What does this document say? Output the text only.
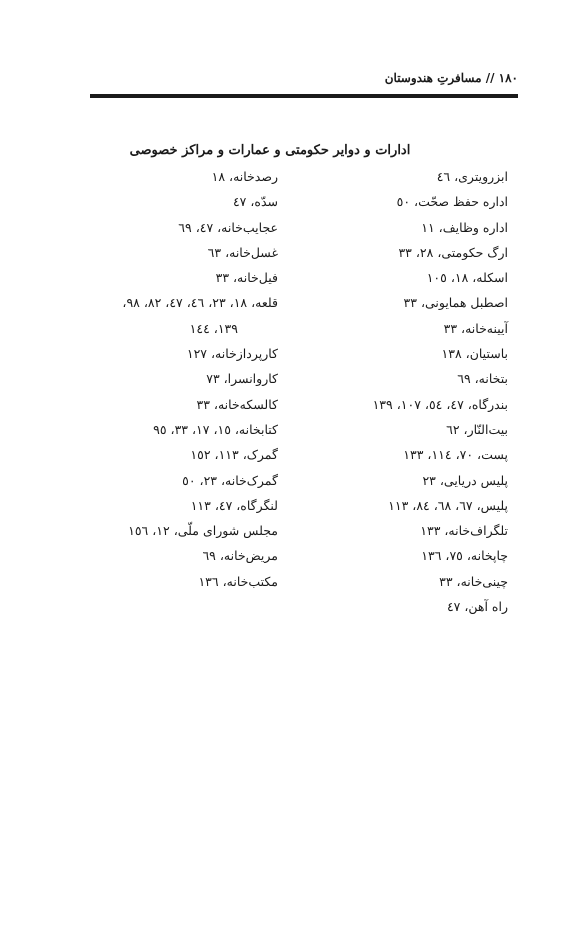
۱۸۰ // مسافرتِ هندوستان
ادارات و دوایر حکومتی و عمارات و مراکز خصوصی
ابزرویتری، ٤٦
اداره حفظ صحّت، ٥٠
اداره وظایف، ١١
ارگ حکومتی، ٢٨، ٣٣
اسکله، ١٨، ١٠٥
اصطبل همایونی، ٣٣
آیینه‌خانه، ٣٣
باستیان، ١٣٨
بتخانه، ٦٩
بندرگاه، ٤٧، ٥٤، ١٠٧، ١٣٩
بیت‌النّار، ٦٢
پست، ٧٠، ١١٤، ١٣٣
پلیس دریایی، ٢٣
پلیس، ٦٧، ٦٨، ٨٤، ١١٣
تلگراف‌خانه، ١٣٣
چاپخانه، ٧٥، ١٣٦
چینی‌خانه، ٣٣
راه آهن، ٤٧
رصدخانه، ١٨
سدّه، ٤٧
عجایب‌خانه، ٤٧، ٦٩
غسل‌خانه، ٦٣
فیل‌خانه، ٣٣
قلعه، ١٨، ٢٣، ٤٦، ٤٧، ٨٢، ٩٨،
١٣٩، ١٤٤
کارپردازخانه، ١٢٧
کاروانسرا، ٧٣
کالسکه‌خانه، ٣٣
کتابخانه، ١٥، ١٧، ٣٣، ٩٥
گمرک، ١١٣، ١٥٢
گمرک‌خانه، ٢٣، ٥٠
لنگرگاه، ٤٧، ١١٣
مجلس شورای ملّی، ١٢، ١٥٦
مریض‌خانه، ٦٩
مکتب‌خانه، ١٣٦
